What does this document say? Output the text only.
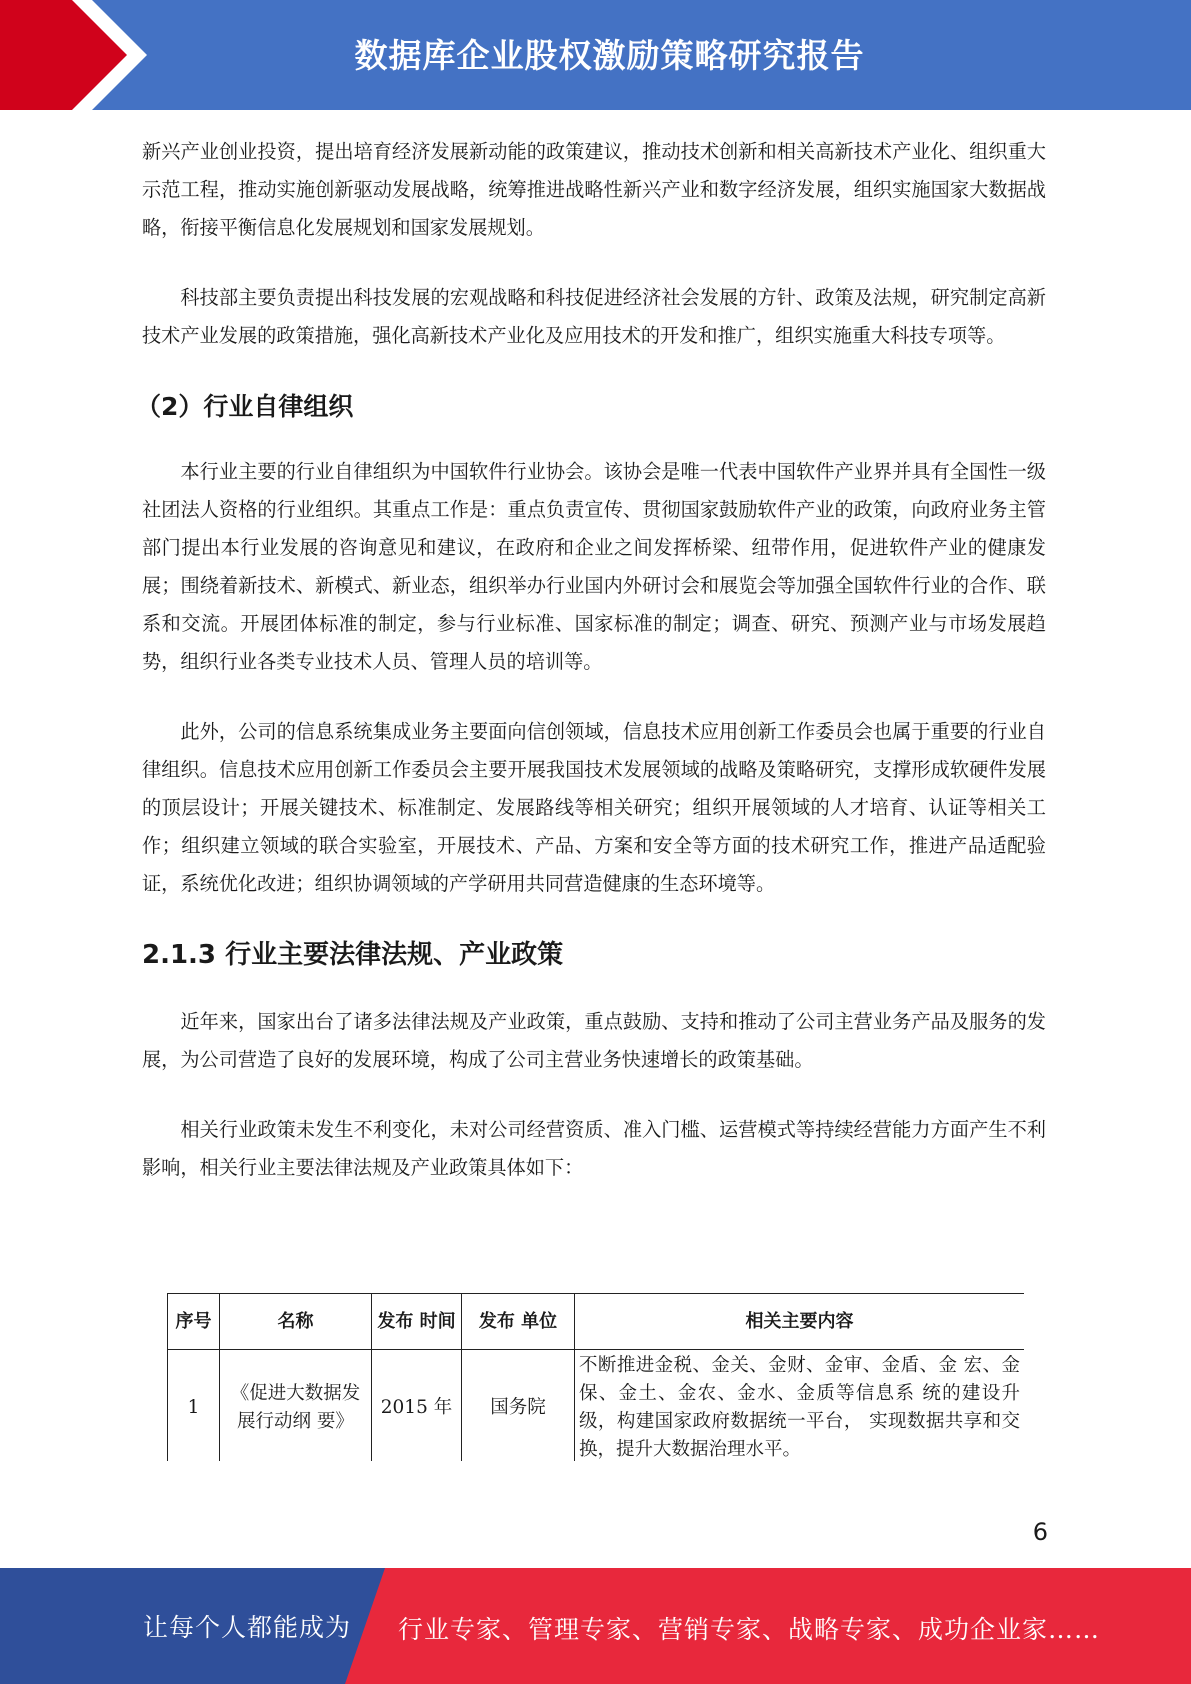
数据库企业股权激励策略研究报告

新兴产业创业投资，提出培育经济发展新动能的政策建议，推动技术创新和相关高新技术产业化、组织重大示范工程，推动实施创新驱动发展战略，统筹推进战略性新兴产业和数字经济发展，组织实施国家大数据战略，衔接平衡信息化发展规划和国家发展规划。

科技部主要负责提出科技发展的宏观战略和科技促进经济社会发展的方针、政策及法规，研究制定高新技术产业发展的政策措施，强化高新技术产业化及应用技术的开发和推广，组织实施重大科技专项等。

（2）行业自律组织

本行业主要的行业自律组织为中国软件行业协会。该协会是唯一代表中国软件产业界并具有全国性一级社团法人资格的行业组织。其重点工作是：重点负责宣传、贯彻国家鼓励软件产业的政策，向政府业务主管部门提出本行业发展的咨询意见和建议，在政府和企业之间发挥桥梁、纽带作用，促进软件产业的健康发展；围绕着新技术、新模式、新业态，组织举办行业国内外研讨会和展览会等加强全国软件行业的合作、联系和交流。开展团体标准的制定，参与行业标准、国家标准的制定；调查、研究、预测产业与市场发展趋势，组织行业各类专业技术人员、管理人员的培训等。

此外，公司的信息系统集成业务主要面向信创领域，信息技术应用创新工作委员会也属于重要的行业自律组织。信息技术应用创新工作委员会主要开展我国技术发展领域的战略及策略研究，支撑形成软硬件发展的顶层设计；开展关键技术、标准制定、发展路线等相关研究；组织开展领域的人才培育、认证等相关工作；组织建立领域的联合实验室，开展技术、产品、方案和安全等方面的技术研究工作，推进产品适配验证，系统优化改进；组织协调领域的产学研用共同营造健康的生态环境等。

2.1.3 行业主要法律法规、产业政策

近年来，国家出台了诸多法律法规及产业政策，重点鼓励、支持和推动了公司主营业务产品及服务的发展，为公司营造了良好的发展环境，构成了公司主营业务快速增长的政策基础。

相关行业政策未发生不利变化，未对公司经营资质、准入门槛、运营模式等持续经营能力方面产生不利影响，相关行业主要法律法规及产业政策具体如下：

序号	名称	发布 时间	发布 单位	相关主要内容
1	《促进大数据发展行动纲 要》	2015 年	国务院	不断推进金税、金关、金财、金审、金盾、金 宏、金保、金土、金农、金水、金质等信息系 统的建设升级，构建国家政府数据统一平台， 实现数据共享和交换，提升大数据治理水平。
6
让每个人都能成为 行业专家、管理专家、营销专家、战略专家、成功企业家……
